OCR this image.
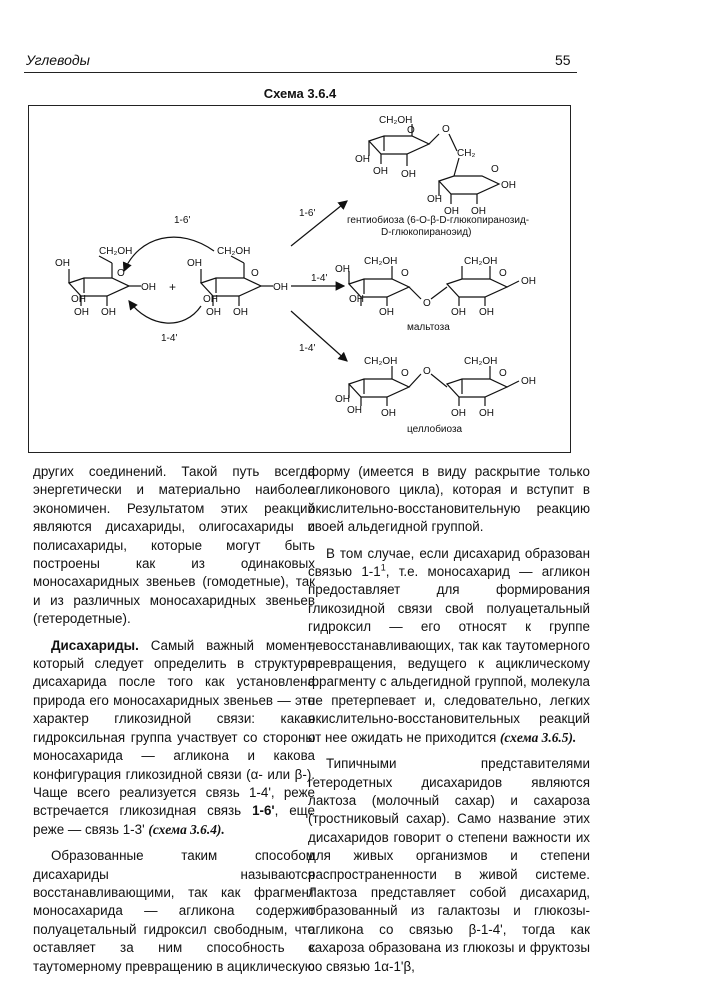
Углеводы	55
Схема 3.6.4
CH₂OH
O
OH
OH
OH OH
OH +
CH₂OH
O
OH
OH
OH OH
OH
1-6'
1-4'
1-6'
1-4'
1-4'
CH₂OH
O	O
OH
OH OH
CH₂
O
OH
OH OH
OH
гентиобиоза (6-O-β-D-глюкопиранозид-
D-глюкопираноэид)
CH₂OH
O
CH₂OH
O
O
OH
OH
OH	OH OH
OH
мальтоза
CH₂OH
O
CH₂OH
O
O
OH
OH OH	OH OH
OH
целлобиоза

других соединений. Такой путь всегда энергетически и материально наиболее экономичен. Результатом этих реакций являются дисахариды, олигосахариды и полисахариды, которые могут быть построены как из одинаковых моносахаридных звеньев (гомодетные), так и из различных моносахаридных звеньев (гетеродетные).

Дисахариды. Самый важный момент, который следует определить в структуре дисахарида после того как установлена природа его моносахаридных звеньев — это характер гликозидной связи: какая гидроксильная группа участвует со стороны моносахарида — агликона и какова конфигурация гликозидной связи (α- или β-). Чаще всего реализуется связь 1-4', реже встречается гликозидная связь 1-6', еще реже — связь 1-3' (схема 3.6.4).

Образованные таким способом дисахариды называются восстанавливающими, так как фрагмент моносахарида — агликона содержит полуацетальный гидроксил свободным, что оставляет за ним способность к таутомерному превращению в ациклическую

форму (имеется в виду раскрытие только агликонового цикла), которая и вступит в окислительно-восстановительную реакцию своей альдегидной группой.

В том случае, если дисахарид образован связью $1-1^1$, т.е. моносахарид — агликон предоставляет для формирования гликозидной связи свой полуацетальный гидроксил — его относят к группе невосстанавливающих, так как таутомерного превращения, ведущего к ациклическому фрагменту с альдегидной группой, молекула не претерпевает и, следовательно, легких окислительно-восстановительных реакций от нее ожидать не приходится (схема 3.6.5).

Типичными представителями гетеродетных дисахаридов являются лактоза (молочный сахар) и сахароза (тростниковый сахар). Само название этих дисахаридов говорит о степени важности их для живых организмов и степени распространенности в живой системе. Лактоза представляет собой дисахарид, образованный из галактозы и глюкозы-агликона со связью β-1-4', тогда как сахароза образована из глюкозы и фруктозы со связью 1α-1'β,
